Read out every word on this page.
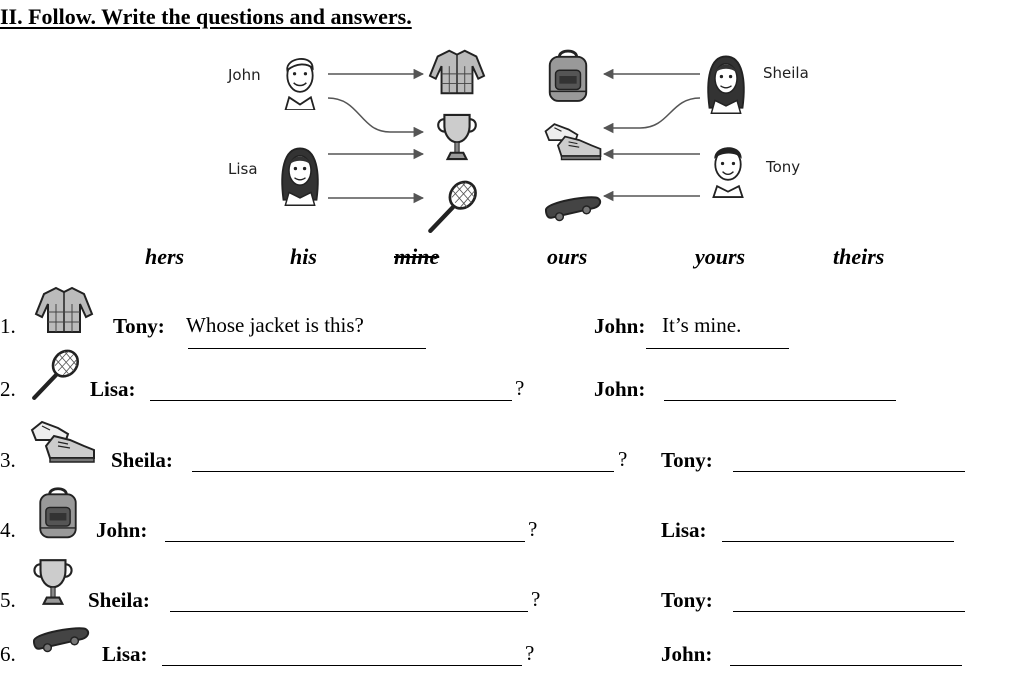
II. Follow. Write the questions and answers.
John
Lisa
Sheila
Tony
hers	his	mine	ours	yours	theirs
1.	Tony: Whose jacket is this?	John: It’s mine.
2.	Lisa:	?	John:
3.	Sheila:	? Tony:
4.	John:	?	Lisa:
5.	Sheila:	?	Tony:
6.	Lisa:	?	John:
